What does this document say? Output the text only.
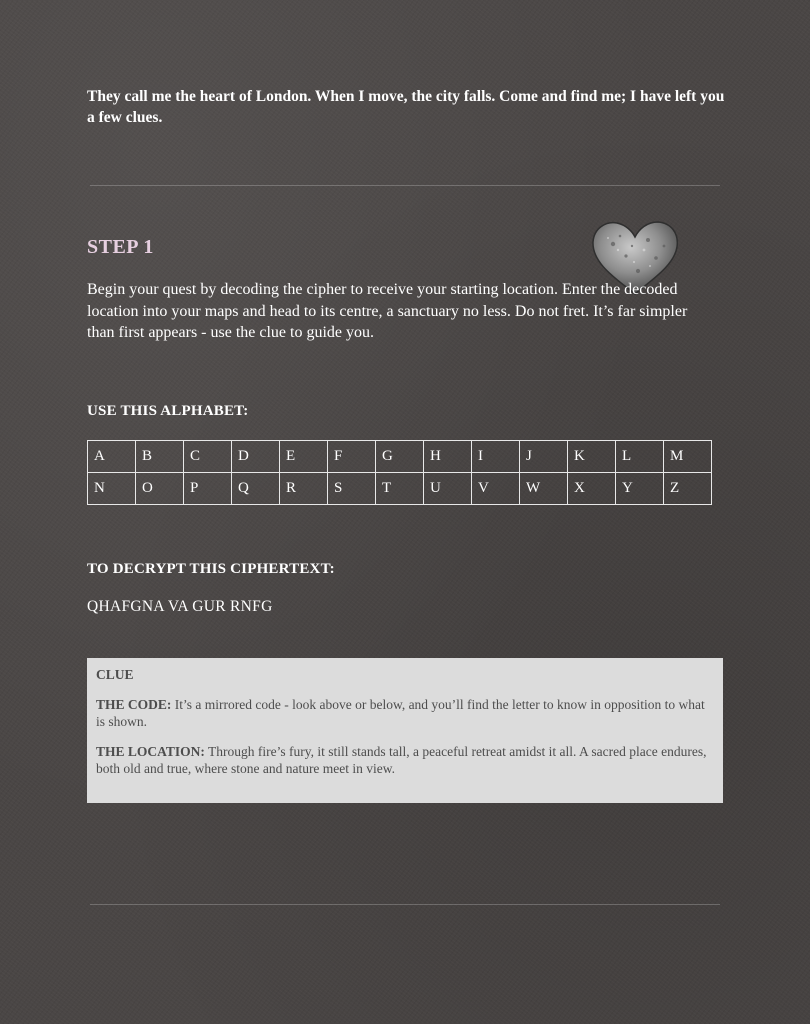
They call me the heart of London. When I move, the city falls. Come and find me; I have left you a few clues.
STEP 1
Begin your quest by decoding the cipher to receive your starting location. Enter the decoded location into your maps and head to its centre, a sanctuary no less. Do not fret. It’s far simpler than first appears - use the clue to guide you.
USE THIS ALPHABET:
A	B	C	D	E	F	G	H	I	J	K	L	M
N	O	P	Q	R	S	T	U	V	W	X	Y	Z
TO DECRYPT THIS CIPHERTEXT:
QHAFGNA VA GUR RNFG
CLUE
THE CODE: It’s a mirrored code - look above or below, and you’ll find the letter to know in opposition to what is shown.
THE LOCATION: Through fire’s fury, it still stands tall, a peaceful retreat amidst it all. A sacred place endures, both old and true, where stone and nature meet in view.
